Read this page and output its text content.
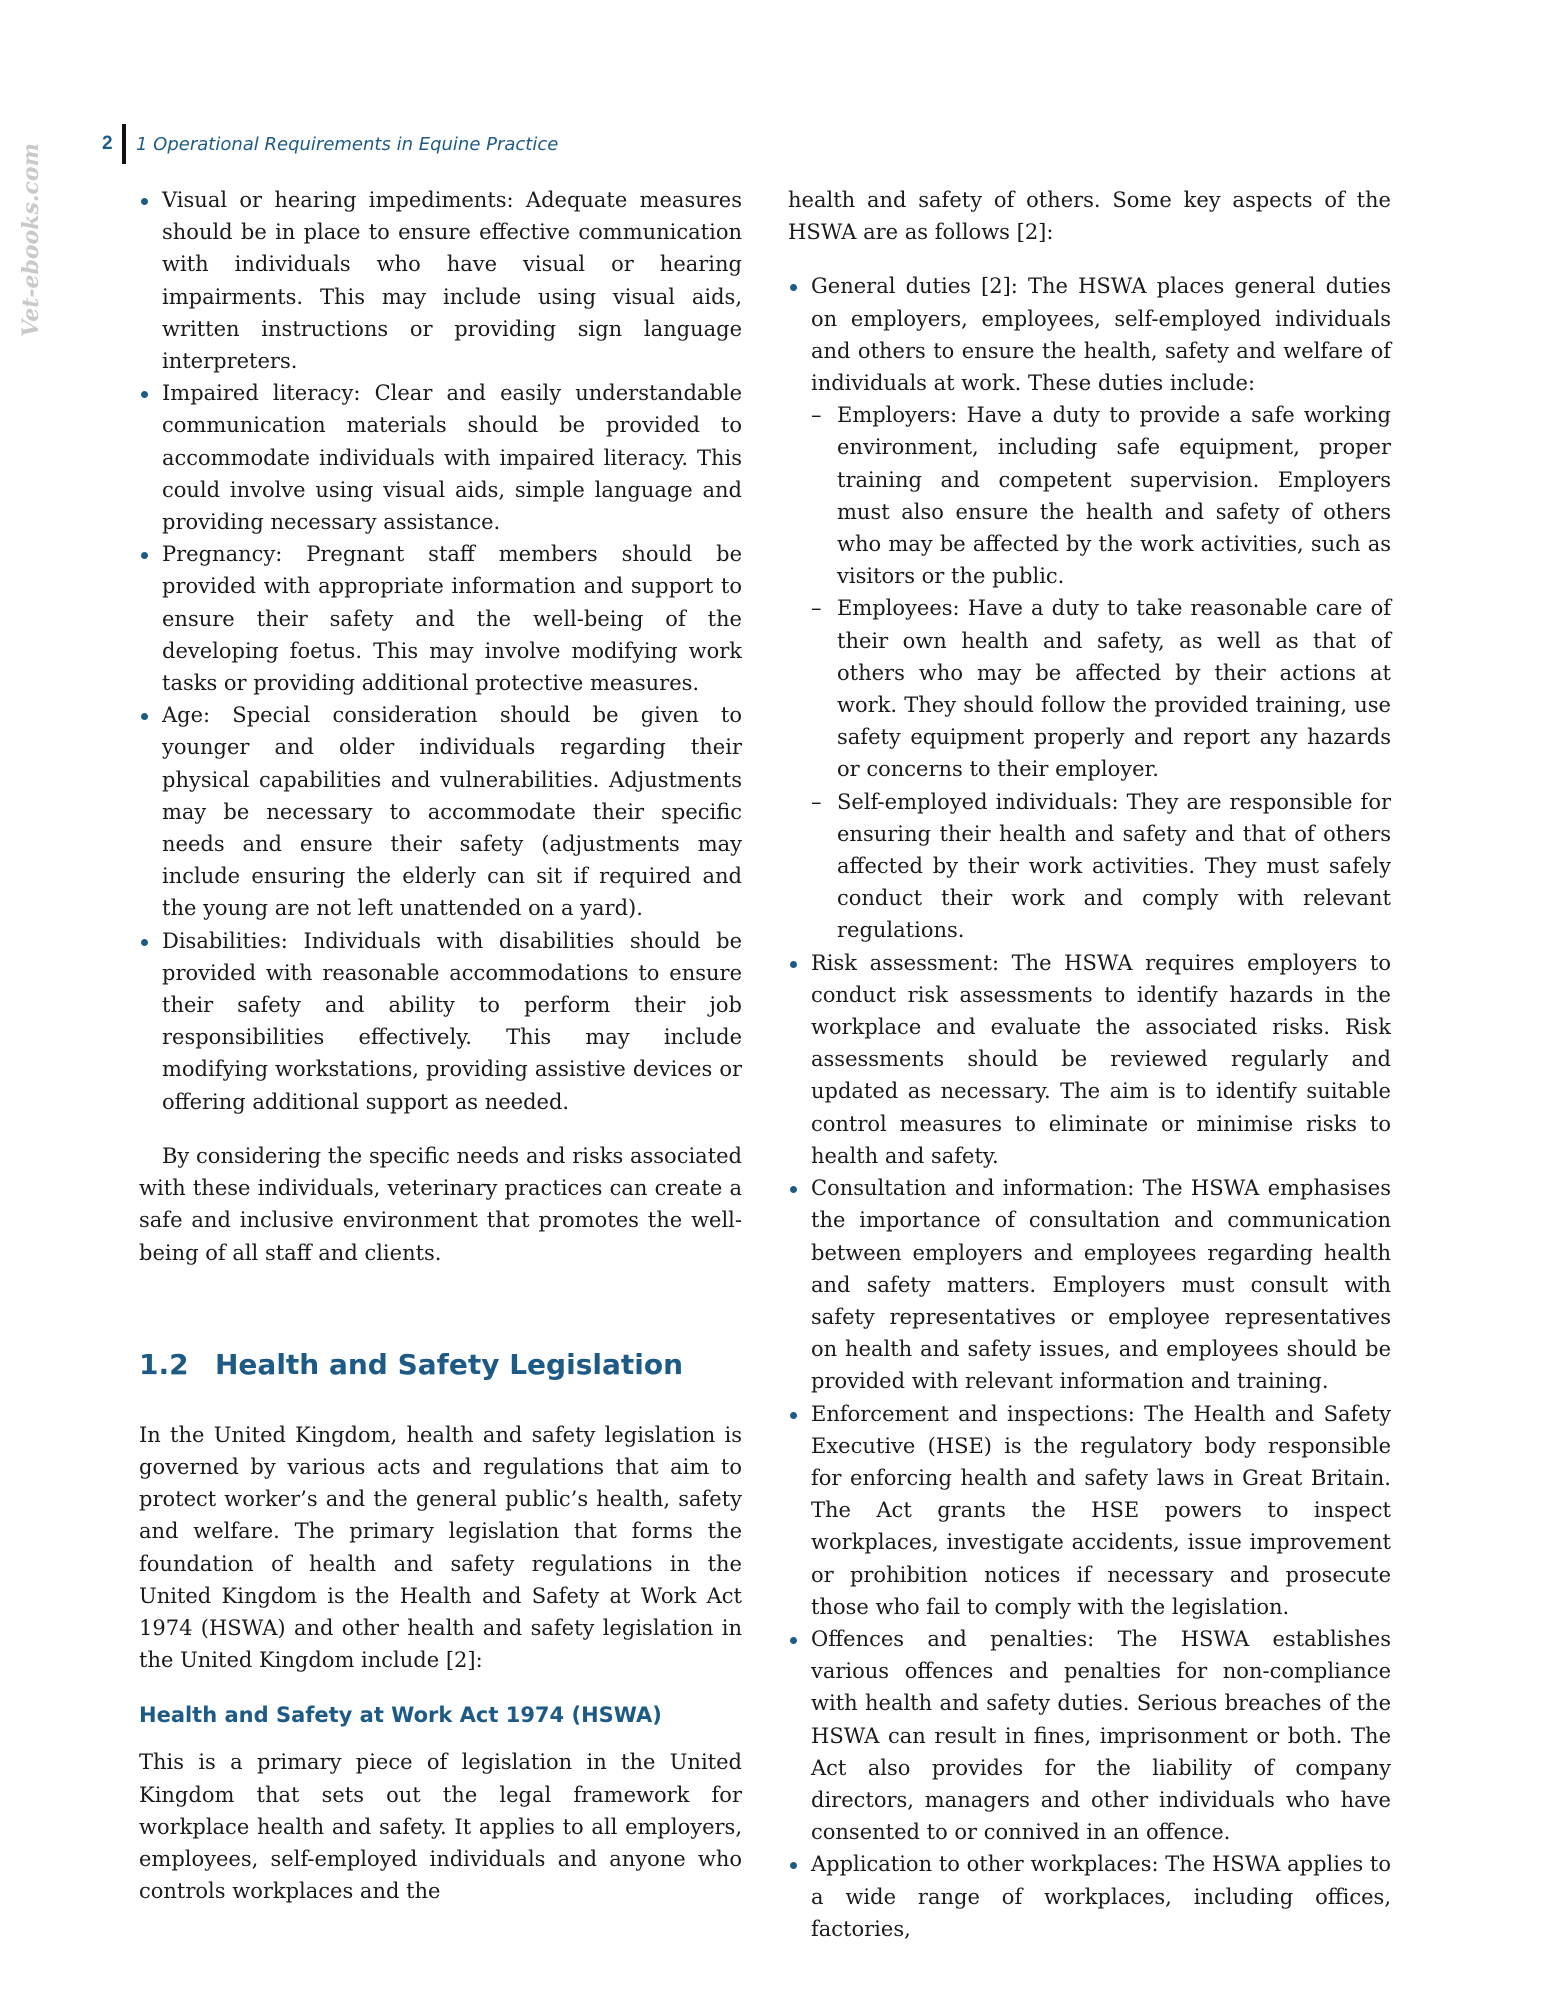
Vet-ebooks.com	2	1 Operational Requirements in Equine Practice
Visual or hearing impediments: Adequate measures should be in place to ensure effective communication with individuals who have visual or hearing impairments. This may include using visual aids, written instructions or providing sign language interpreters.
Impaired literacy: Clear and easily understandable communication materials should be provided to accommodate individuals with impaired literacy. This could involve using visual aids, simple language and providing necessary assistance.
Pregnancy: Pregnant staff members should be provided with appropriate information and support to ensure their safety and the well-being of the developing foetus. This may involve modifying work tasks or providing additional protective measures.
Age: Special consideration should be given to younger and older individuals regarding their physical capabilities and vulnerabilities. Adjustments may be necessary to accommodate their specific needs and ensure their safety (adjustments may include ensuring the elderly can sit if required and the young are not left unattended on a yard).
Disabilities: Individuals with disabilities should be provided with reasonable accommodations to ensure their safety and ability to perform their job responsibilities effectively. This may include modifying workstations, providing assistive devices or offering additional support as needed.

By considering the specific needs and risks associated with these individuals, veterinary practices can create a safe and inclusive environment that promotes the well-being of all staff and clients.

1.2 Health and Safety Legislation

In the United Kingdom, health and safety legislation is governed by various acts and regulations that aim to protect worker’s and the general public’s health, safety and welfare. The primary legislation that forms the foundation of health and safety regulations in the United Kingdom is the Health and Safety at Work Act 1974 (HSWA) and other health and safety legislation in the United Kingdom include [2]:

Health and Safety at Work Act 1974 (HSWA)

This is a primary piece of legislation in the United Kingdom that sets out the legal framework for workplace health and safety. It applies to all employers, employees, self-employed individuals and anyone who controls workplaces and the

health and safety of others. Some key aspects of the HSWA are as follows [2]:

General duties [2]: The HSWA places general duties on employers, employees, self-employed individuals and others to ensure the health, safety and welfare of individuals at work. These duties include:
– Employers: Have a duty to provide a safe working environment, including safe equipment, proper training and competent supervision. Employers must also ensure the health and safety of others who may be affected by the work activities, such as visitors or the public.
– Employees: Have a duty to take reasonable care of their own health and safety, as well as that of others who may be affected by their actions at work. They should follow the provided training, use safety equipment properly and report any hazards or concerns to their employer.
– Self-employed individuals: They are responsible for ensuring their health and safety and that of others affected by their work activities. They must safely conduct their work and comply with relevant regulations.
Risk assessment: The HSWA requires employers to conduct risk assessments to identify hazards in the workplace and evaluate the associated risks. Risk assessments should be reviewed regularly and updated as necessary. The aim is to identify suitable control measures to eliminate or minimise risks to health and safety.
Consultation and information: The HSWA emphasises the importance of consultation and communication between employers and employees regarding health and safety matters. Employers must consult with safety representatives or employee representatives on health and safety issues, and employees should be provided with relevant information and training.
Enforcement and inspections: The Health and Safety Executive (HSE) is the regulatory body responsible for enforcing health and safety laws in Great Britain. The Act grants the HSE powers to inspect workplaces, investigate accidents, issue improvement or prohibition notices if necessary and prosecute those who fail to comply with the legislation.
Offences and penalties: The HSWA establishes various offences and penalties for non-compliance with health and safety duties. Serious breaches of the HSWA can result in fines, imprisonment or both. The Act also provides for the liability of company directors, managers and other individuals who have consented to or connived in an offence.
Application to other workplaces: The HSWA applies to a wide range of workplaces, including offices, factories,
